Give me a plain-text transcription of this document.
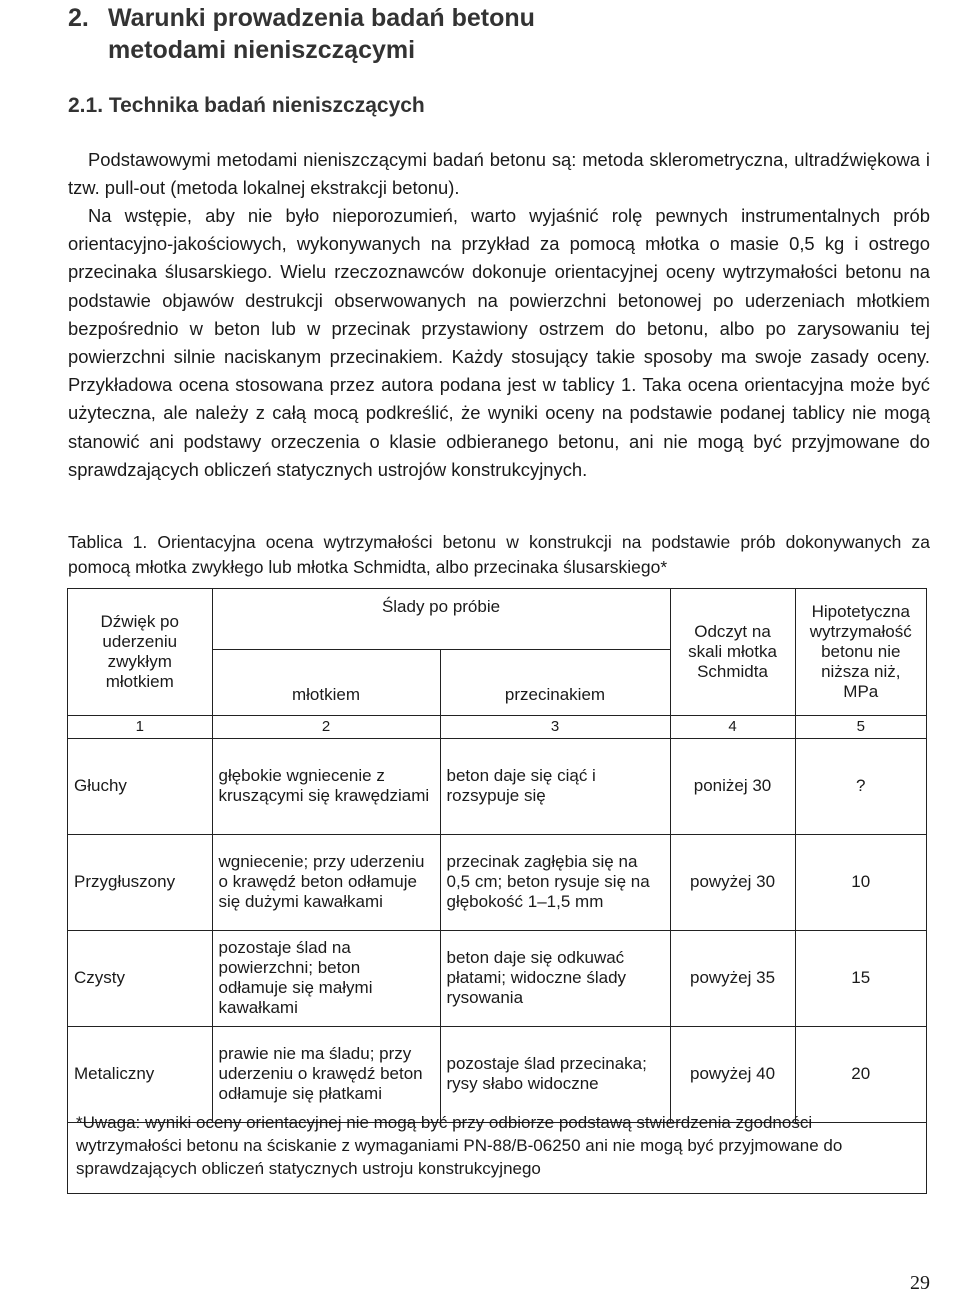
2. Warunki prowadzenia badań betonu
metodami nieniszczącymi
2.1. Technika badań nieniszczących

Podstawowymi metodami nieniszczącymi badań betonu są: metoda sklerometryczna, ultradźwiękowa i tzw. pull-out (metoda lokalnej ekstrakcji betonu).

Na wstępie, aby nie było nieporozumień, warto wyjaśnić rolę pewnych instrumentalnych prób orientacyjno-jakościowych, wykonywanych na przykład za pomocą młotka o masie 0,5 kg i ostrego przecinaka ślusarskiego. Wielu rzeczoznawców dokonuje orientacyjnej oceny wytrzymałości betonu na podstawie objawów destrukcji obserwowanych na powierzchni betonowej po uderzeniach młotkiem bezpośrednio w beton lub w przecinak przystawiony ostrzem do betonu, albo po zarysowaniu tej powierzchni silnie naciskanym przecinakiem. Każdy stosujący takie sposoby ma swoje zasady oceny. Przykładowa ocena stosowana przez autora podana jest w tablicy 1. Taka ocena orientacyjna może być użyteczna, ale należy z całą mocą podkreślić, że wyniki oceny na podstawie podanej tablicy nie mogą stanowić ani podstawy orzeczenia o klasie odbieranego betonu, ani nie mogą być przyjmowane do sprawdzających obliczeń statycznych ustrojów konstrukcyjnych.

Tablica 1. Orientacyjna ocena wytrzymałości betonu w konstrukcji na podstawie prób dokonywanych za pomocą młotka zwykłego lub młotka Schmidta, albo przecinaka ślusarskiego*

Dźwięk po uderzeniu zwykłym młotkiem	Ślady po próbie		Odczyt na skali młotka Schmidta	Hipotetyczna wytrzymałość betonu nie niższa niż, MPa
	młotkiem	przecinakiem		
1	2	3	4	5
Głuchy	głębokie wgniecenie z kruszącymi się krawędziami	beton daje się ciąć i rozsypuje się	poniżej 30	?
Przygłuszony	wgniecenie; przy uderzeniu o krawędź beton odłamuje się dużymi kawałkami	przecinak zagłębia się na 0,5 cm; beton rysuje się na głębokość 1–1,5 mm	powyżej 30	10
Czysty	pozostaje ślad na powierzchni; beton odłamuje się małymi kawałkami	beton daje się odkuwać płatami; widoczne ślady rysowania	powyżej 35	15
Metaliczny	prawie nie ma śladu; przy uderzeniu o krawędź beton odłamuje się płatkami	pozostaje ślad przecinaka; rysy słabo widoczne	powyżej 40	20
*Uwaga: wyniki oceny orientacyjnej nie mogą być przy odbiorze podstawą stwierdzenia zgodności wytrzymałości betonu na ściskanie z wymaganiami PN-88/B-06250 ani nie mogą być przyjmowane do sprawdzających obliczeń statycznych ustroju konstrukcyjnego
29
